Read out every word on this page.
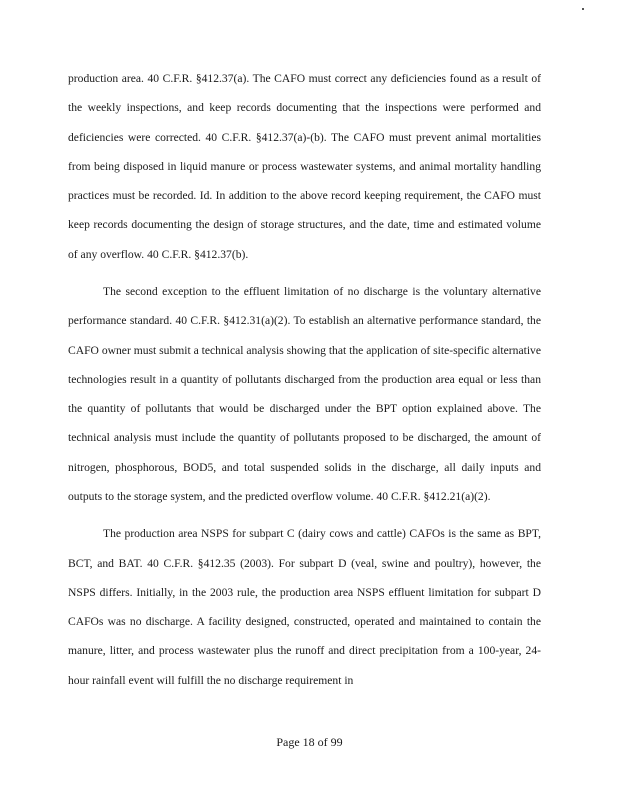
production area. 40 C.F.R. §412.37(a). The CAFO must correct any deficiencies found as a result of the weekly inspections, and keep records documenting that the inspections were performed and deficiencies were corrected. 40 C.F.R. §412.37(a)-(b). The CAFO must prevent animal mortalities from being disposed in liquid manure or process wastewater systems, and animal mortality handling practices must be recorded. Id. In addition to the above record keeping requirement, the CAFO must keep records documenting the design of storage structures, and the date, time and estimated volume of any overflow. 40 C.F.R. §412.37(b).

The second exception to the effluent limitation of no discharge is the voluntary alternative performance standard. 40 C.F.R. §412.31(a)(2). To establish an alternative performance standard, the CAFO owner must submit a technical analysis showing that the application of site-specific alternative technologies result in a quantity of pollutants discharged from the production area equal or less than the quantity of pollutants that would be discharged under the BPT option explained above. The technical analysis must include the quantity of pollutants proposed to be discharged, the amount of nitrogen, phosphorous, BOD5, and total suspended solids in the discharge, all daily inputs and outputs to the storage system, and the predicted overflow volume. 40 C.F.R. §412.21(a)(2).

The production area NSPS for subpart C (dairy cows and cattle) CAFOs is the same as BPT, BCT, and BAT. 40 C.F.R. §412.35 (2003). For subpart D (veal, swine and poultry), however, the NSPS differs. Initially, in the 2003 rule, the production area NSPS effluent limitation for subpart D CAFOs was no discharge. A facility designed, constructed, operated and maintained to contain the manure, litter, and process wastewater plus the runoff and direct precipitation from a 100-year, 24-hour rainfall event will fulfill the no discharge requirement in

Page 18 of 99
